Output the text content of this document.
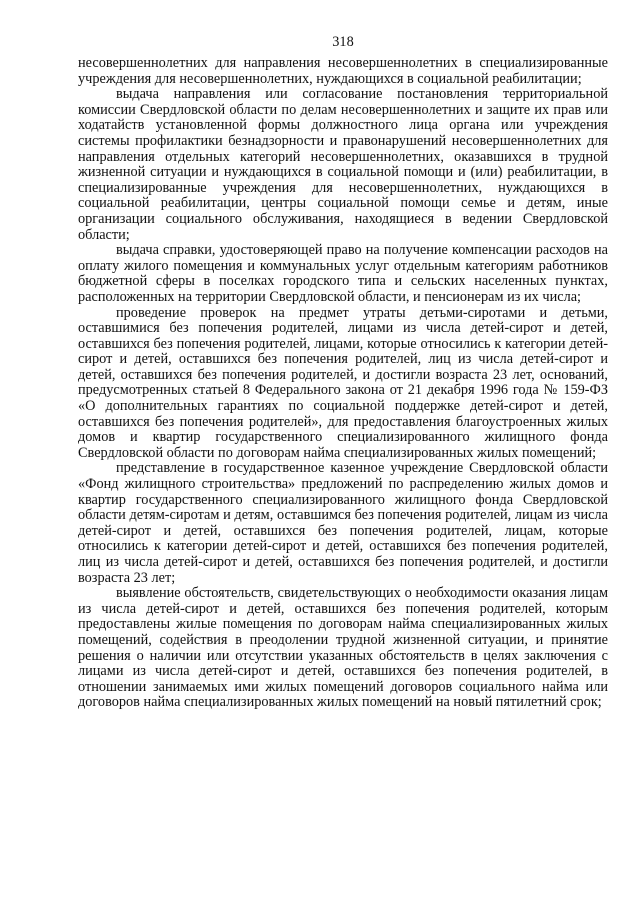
318

несовершеннолетних для направления несовершеннолетних в специализированные учреждения для несовершеннолетних, нуждающихся в социальной реабилитации;

выдача направления или согласование постановления территориальной комиссии Свердловской области по делам несовершеннолетних и защите их прав или ходатайств установленной формы должностного лица органа или учреждения системы профилактики безнадзорности и правонарушений несовершеннолетних для направления отдельных категорий несовершеннолетних, оказавшихся в трудной жизненной ситуации и нуждающихся в социальной помощи и (или) реабилитации, в специализированные учреждения для несовершеннолетних, нуждающихся в социальной реабилитации, центры социальной помощи семье и детям, иные организации социального обслуживания, находящиеся в ведении Свердловской области;

выдача справки, удостоверяющей право на получение компенсации расходов на оплату жилого помещения и коммунальных услуг отдельным категориям работников бюджетной сферы в поселках городского типа и сельских населенных пунктах, расположенных на территории Свердловской области, и пенсионерам из их числа;

проведение проверок на предмет утраты детьми-сиротами и детьми, оставшимися без попечения родителей, лицами из числа детей-сирот и детей, оставшихся без попечения родителей, лицами, которые относились к категории детей-сирот и детей, оставшихся без попечения родителей, лиц из числа детей-сирот и детей, оставшихся без попечения родителей, и достигли возраста 23 лет, оснований, предусмотренных статьей 8 Федерального закона от 21 декабря 1996 года № 159-ФЗ «О дополнительных гарантиях по социальной поддержке детей-сирот и детей, оставшихся без попечения родителей», для предоставления благоустроенных жилых домов и квартир государственного специализированного жилищного фонда Свердловской области по договорам найма специализированных жилых помещений;

представление в государственное казенное учреждение Свердловской области «Фонд жилищного строительства» предложений по распределению жилых домов и квартир государственного специализированного жилищного фонда Свердловской области детям-сиротам и детям, оставшимся без попечения родителей, лицам из числа детей-сирот и детей, оставшихся без попечения родителей, лицам, которые относились к категории детей-сирот и детей, оставшихся без попечения родителей, лиц из числа детей-сирот и детей, оставшихся без попечения родителей, и достигли возраста 23 лет;

выявление обстоятельств, свидетельствующих о необходимости оказания лицам из числа детей-сирот и детей, оставшихся без попечения родителей, которым предоставлены жилые помещения по договорам найма специализированных жилых помещений, содействия в преодолении трудной жизненной ситуации, и принятие решения о наличии или отсутствии указанных обстоятельств в целях заключения с лицами из числа детей-сирот и детей, оставшихся без попечения родителей, в отношении занимаемых ими жилых помещений договоров социального найма или договоров найма специализированных жилых помещений на новый пятилетний срок;
